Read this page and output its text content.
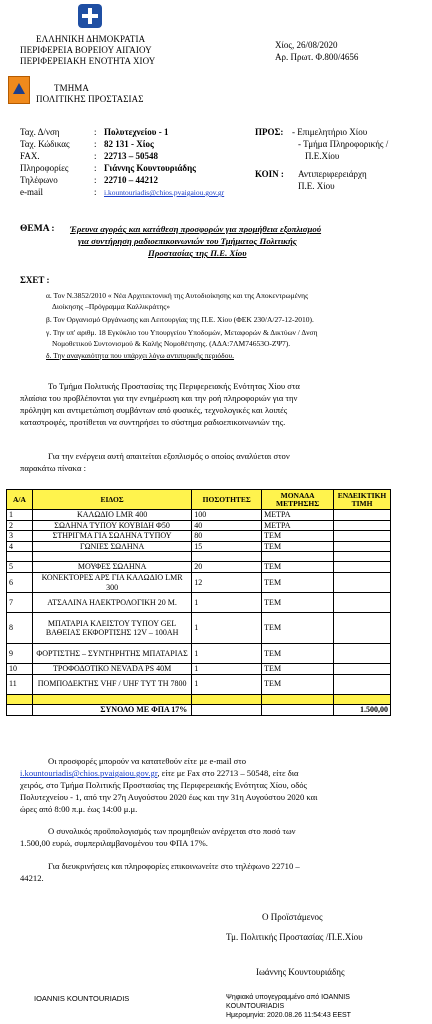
ΕΛΛΗΝΙΚΗ ΔΗΜΟΚΡΑΤΙΑ
ΠΕΡΙΦΕΡΕΙΑ ΒΟΡΕΙΟΥ ΑΙΓΑΙΟΥ
ΠΕΡΙΦΕΡΕΙΑΚΗ ΕΝΟΤΗΤΑ ΧΙΟΥ
ΤΜΗΜΑ
ΠΟΛΙΤΙΚΗΣ ΠΡΟΣΤΑΣΙΑΣ
Χίος, 26/08/2020
Αρ. Πρωτ. Φ.800/4656
Ταχ. Δ/νση	: Πολυτεχνείου - 1
Ταχ. Κώδικας	: 82 131 - Χίος
FAX.	: 22713 – 50548
Πληροφορίες	: Γιάννης Κουντουριάδης
Τηλέφωνο	: 22710 – 44212
e-mail	: i.kountouriadis@chios.pvaigaiou.gov.gr
ΠΡΟΣ: - Επιμελητήριο Χίου
- Τμήμα Πληροφορικής /
Π.Ε.Χίου
ΚΟΙΝ : Αντιπεριφερειάρχη
Π.Ε. Χίου
ΘΕΜΑ : Έρευνα αγοράς και κατάθεση προσφορών για προμήθεια εξοπλισμού
για συντήρηση ραδιοεπικοινωνιών του Τμήματος Πολιτικής
Προστασίας της Π.Ε. Χίου
ΣΧΕΤ :
α. Τον Ν.3852/2010 « Νέα Αρχιτεκτονική της Αυτοδιοίκησης και της Αποκεντρωμένης
Διοίκησης –Πρόγραμμα Καλλικράτης»
β. Τον Οργανισμό Οργάνωσης και Λειτουργίας της Π.Ε. Χίου (ΦΕΚ 230/Α/27-12-2010).
γ. Την υπ' αριθμ. 18 Εγκύκλιο του Υπουργείου Υποδομών, Μεταφορών & Δικτύων / Δνση
Νομοθετικού Συντονισμού & Καλής Νομοθέτησης. (ΑΔΑ:7ΛΜ74653Ο-ΖΨ7).
δ. Την αναγκαιότητα που υπάρχει λόγω αντιπυρικής περιόδου.
Το Τμήμα Πολιτικής Προστασίας της Περιφερειακής Ενότητας Χίου στα
πλαίσια του προβλέπονται για την ενημέρωση και την ροή πληροφοριών για την
πρόληψη και αντιμετώπιση συμβάντων από φυσικές, τεχνολογικές και λοιπές
καταστροφές, προτίθεται να συντηρήσει το σύστημα ραδιοεπικοινωνιών της.
Για την ενέργεια αυτή απαιτείται εξοπλισμός ο οποίος αναλύεται στον
παρακάτω πίνακα :
Α/Α	ΕΙΔΟΣ	ΠΟΣΟΤΗΤΕΣ	ΜΟΝΑΔΑ ΜΕΤΡΗΣΗΣ	ΕΝΔΕΙΚΤΙΚΗ ΤΙΜΗ
1	ΚΑΛΩΔΙΟ LMR 400	100	ΜΕΤΡΑ	
2	ΣΩΛΗΝΑ ΤΥΠΟΥ ΚΟΥΒΙΔΗ Φ50	40	ΜΕΤΡΑ	
3	ΣΤΗΡΙΓΜΑ ΓΙΑ ΣΩΛΗΝΑ ΤΥΠΟΥ	80	ΤΕΜ	
4	ΓΩΝΙΕΣ ΣΩΛΗΝΑ	15	ΤΕΜ	

5	ΜΟΥΦΕΣ ΣΩΛΗΝΑ	20	ΤΕΜ	
6	ΚΟΝΕΚΤΟΡΕΣ ΑΡΣ ΓΙΑ ΚΑΛΩΔΙΟ LMR 300	12	ΤΕΜ	
7	ΑΤΣΑΛΙΝΑ ΗΛΕΚΤΡΟΛΟΓΙΚΗ 20 Μ.	1	ΤΕΜ	
8	ΜΠΑΤΑΡΙΑ ΚΛΕΙΣΤΟΥ ΤΥΠΟΥ GEL ΒΑΘΕΙΑΣ ΕΚΦΟΡΤΙΣΗΣ 12V – 100AH	1	ΤΕΜ	
9	ΦΟΡΤΙΣΤΗΣ – ΣΥΝΤΗΡΗΤΗΣ ΜΠΑΤΑΡΙΑΣ	1	ΤΕΜ	
10	ΤΡΟΦΟΔΟΤΙΚΟ NEVADA PS 40M	1	ΤΕΜ	
11	ΠΟΜΠΟΔΕΚΤΗΣ VHF / UHF TYT TH 7800	1	ΤΕΜ	

	ΣΥΝΟΛΟ ΜΕ ΦΠΑ 17%			1.500,00
Οι προσφορές μπορούν να κατατεθούν είτε με e-mail στο
i.kountouriadis@chios.pvaigaiou.gov.gr, είτε με Fax στο 22713 – 50548, είτε δια
χειρός, στο Τμήμα Πολιτικής Προστασίας της Περιφερειακής Ενότητας Χίου, οδός
Πολυτεχνείου - 1, από την 27η Αυγούστου 2020 έως και την 31η Αυγούστου 2020 και
ώρες από 8:00 π.μ. έως 14:00 μ.μ.
Ο συνολικός προϋπολογισμός των προμηθειών ανέρχεται στο ποσό των
1.500,00 ευρώ, συμπεριλαμβανομένου του ΦΠΑ 17%.
Για διευκρινήσεις και πληροφορίες επικοινωνείτε στο τηλέφωνο 22710 –
44212.
Ο Προϊστάμενος
Τμ. Πολιτικής Προστασίας /Π.Ε.Χίου
Ιωάννης Κουντουριάδης
IOANNIS KOUNTOURIADIS	Ψηφιακά υπογεγραμμένο από IOANNIS
KOUNTOURIADIS
Ημερομηνία: 2020.08.26 11:54:43 EEST
